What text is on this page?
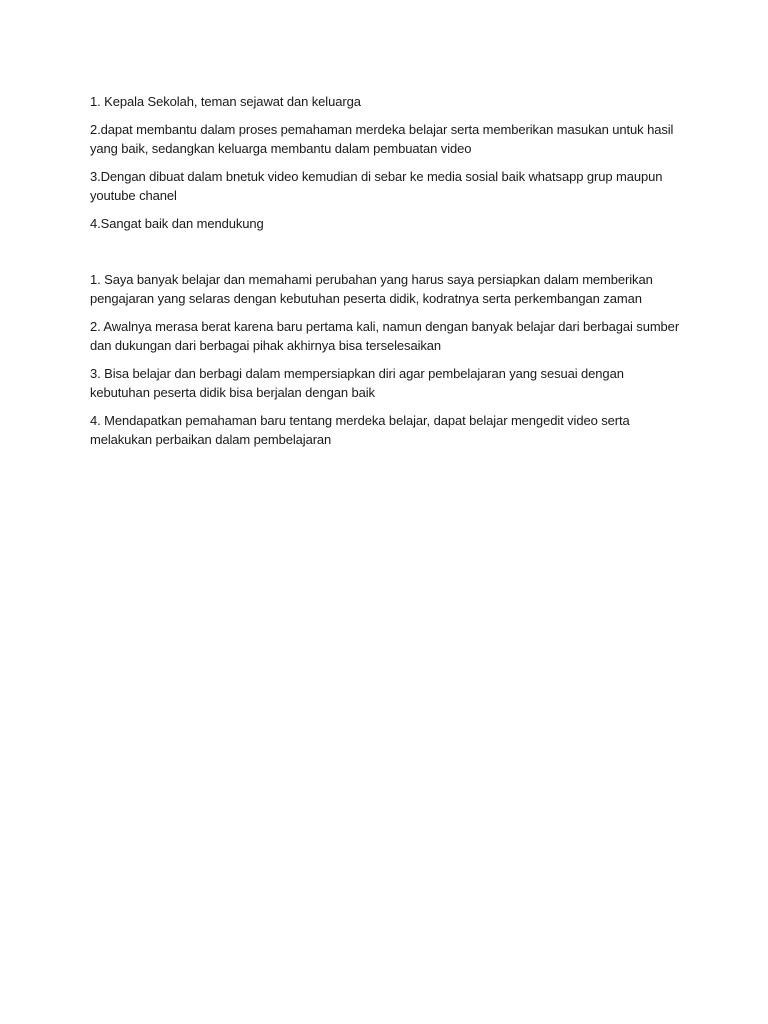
1. Kepala Sekolah, teman sejawat dan keluarga

2.dapat membantu dalam proses pemahaman merdeka belajar serta memberikan masukan untuk hasil yang baik, sedangkan keluarga membantu dalam pembuatan video

3.Dengan dibuat dalam bnetuk video kemudian di sebar ke media sosial baik whatsapp grup maupun youtube chanel

4.Sangat baik dan mendukung

1. Saya banyak belajar dan memahami perubahan yang harus saya persiapkan dalam memberikan pengajaran yang selaras dengan kebutuhan peserta didik, kodratnya serta perkembangan zaman

2. Awalnya merasa berat karena baru pertama kali, namun dengan banyak belajar dari berbagai sumber dan dukungan dari berbagai pihak akhirnya bisa terselesaikan

3. Bisa belajar dan berbagi dalam mempersiapkan diri agar pembelajaran yang sesuai dengan kebutuhan peserta didik bisa berjalan dengan baik

4. Mendapatkan pemahaman baru tentang merdeka belajar, dapat belajar mengedit video serta melakukan perbaikan dalam pembelajaran
